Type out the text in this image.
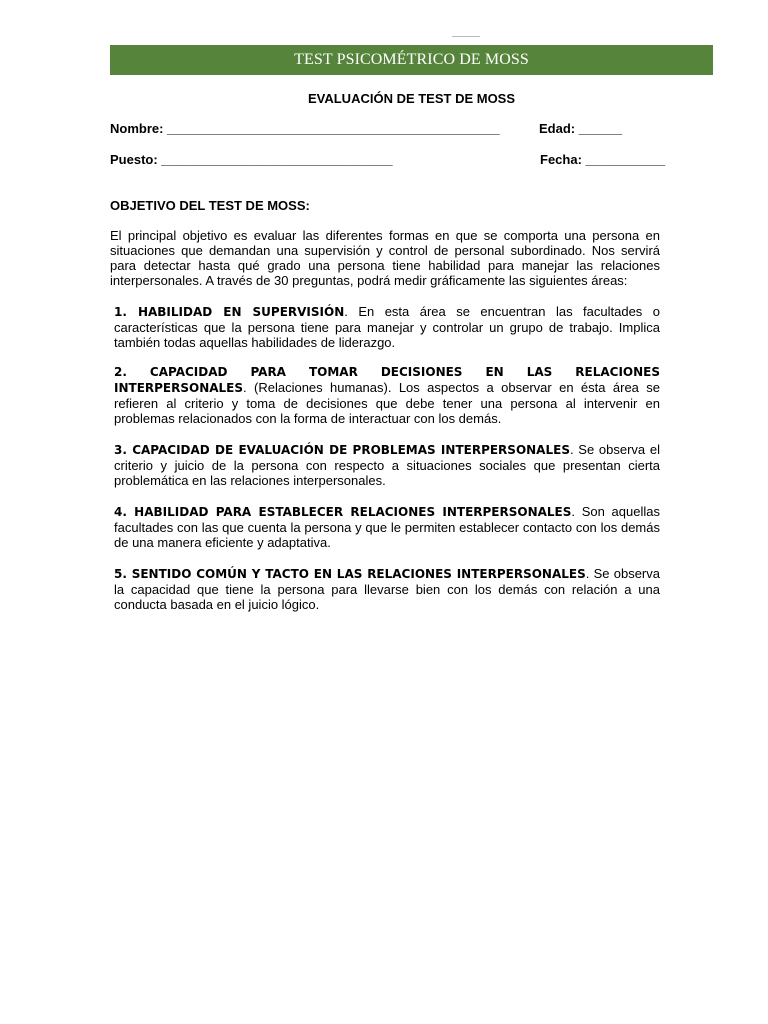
TEST PSICOMÉTRICO DE MOSS
EVALUACIÓN DE TEST DE MOSS

Nombre: ______________________________________________

	Edad: ______

Puesto: ________________________________

	Fecha: ___________

OBJETIVO DEL TEST DE MOSS:

El principal objetivo es evaluar las diferentes formas en que se comporta una persona en situaciones que demandan una supervisión y control de personal subordinado. Nos servirá para detectar hasta qué grado una persona tiene habilidad para manejar las relaciones interpersonales. A través de 30 preguntas, podrá medir gráficamente las siguientes áreas:

1. HABILIDAD EN SUPERVISIÓN. En esta área se encuentran las facultades o características que la persona tiene para manejar y controlar un grupo de trabajo. Implica también todas aquellas habilidades de liderazgo.
2. CAPACIDAD PARA TOMAR DECISIONES EN LAS RELACIONES INTERPERSONALES. (Relaciones humanas). Los aspectos a observar en ésta área se refieren al criterio y toma de decisiones que debe tener una persona al intervenir en problemas relacionados con la forma de interactuar con los demás.
3. CAPACIDAD DE EVALUACIÓN DE PROBLEMAS INTERPERSONALES. Se observa el criterio y juicio de la persona con respecto a situaciones sociales que presentan cierta problemática en las relaciones interpersonales.
4. HABILIDAD PARA ESTABLECER RELACIONES INTERPERSONALES. Son aquellas facultades con las que cuenta la persona y que le permiten establecer contacto con los demás de una manera eficiente y adaptativa.
5. SENTIDO COMÚN Y TACTO EN LAS RELACIONES INTERPERSONALES. Se observa la capacidad que tiene la persona para llevarse bien con los demás con relación a una conducta basada en el juicio lógico.
